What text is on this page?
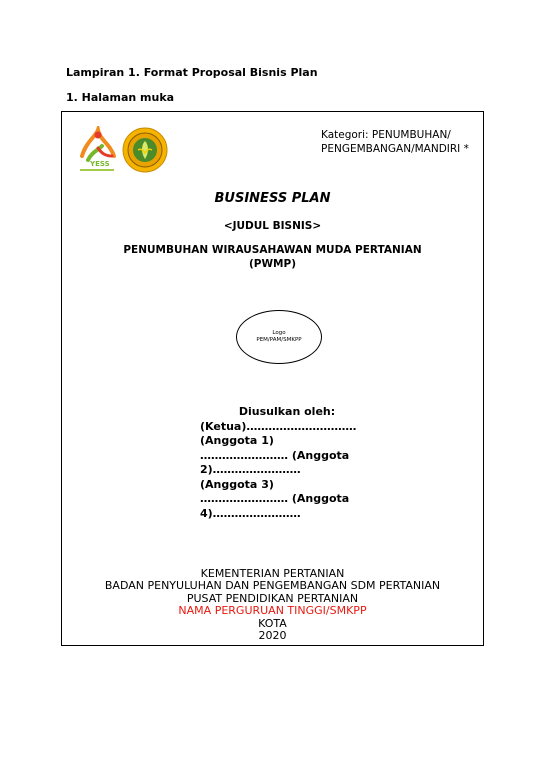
Lampiran 1. Format Proposal Bisnis Plan
1. Halaman muka
YESS
Kategori: PENUMBUHAN/
PENGEMBANGAN/MANDIRI *
BUSINESS PLAN
<JUDUL BISNIS>
PENUMBUHAN WIRAUSAHAWAN MUDA PERTANIAN
(PWMP)
Logo
PEM/PAM/SMKPP
Diusulkan oleh:
(Ketua)…………………………
(Anggota 1)
…………………… (Anggota
2)……………………
(Anggota 3)
…………………… (Anggota
4)……………………
KEMENTERIAN PERTANIAN
BADAN PENYULUHAN DAN PENGEMBANGAN SDM PERTANIAN
PUSAT PENDIDIKAN PERTANIAN
NAMA PERGURUAN TINGGI/SMKPP
KOTA
2020
